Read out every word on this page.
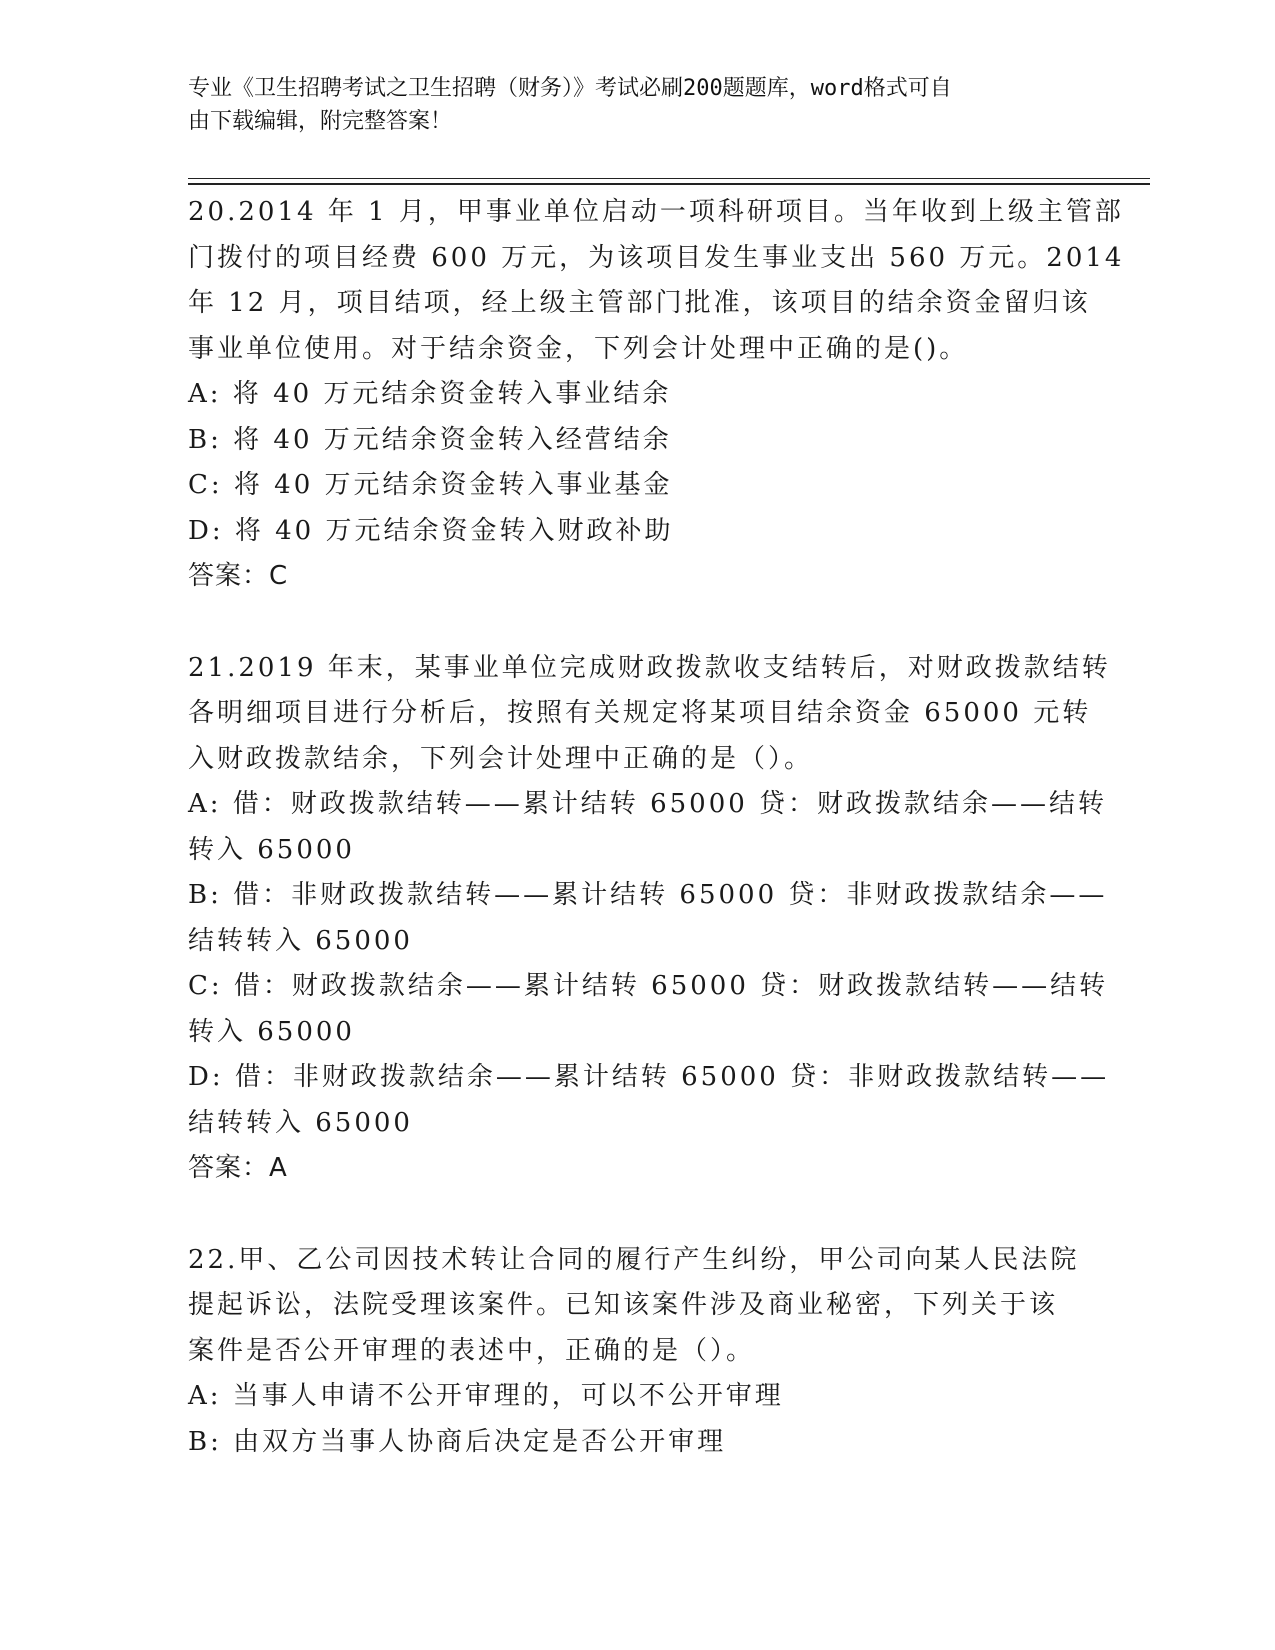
专业《卫生招聘考试之卫生招聘（财务）》考试必刷200题题库，word格式可自
由下载编辑，附完整答案！
20.2014 年 1 月，甲事业单位启动一项科研项目。当年收到上级主管部
门拨付的项目经费 600 万元，为该项目发生事业支出 560 万元。2014
年 12 月，项目结项，经上级主管部门批准，该项目的结余资金留归该
事业单位使用。对于结余资金，下列会计处理中正确的是()。
A: 将 40 万元结余资金转入事业结余
B: 将 40 万元结余资金转入经营结余
C: 将 40 万元结余资金转入事业基金
D: 将 40 万元结余资金转入财政补助
答案：C
21.2019 年末，某事业单位完成财政拨款收支结转后，对财政拨款结转
各明细项目进行分析后，按照有关规定将某项目结余资金 65000 元转
入财政拨款结余，下列会计处理中正确的是（）。
A: 借：财政拨款结转——累计结转 65000 贷：财政拨款结余——结转
转入 65000
B: 借：非财政拨款结转——累计结转 65000 贷：非财政拨款结余——
结转转入 65000
C: 借：财政拨款结余——累计结转 65000 贷：财政拨款结转——结转
转入 65000
D: 借：非财政拨款结余——累计结转 65000 贷：非财政拨款结转——
结转转入 65000
答案：A
22.甲、乙公司因技术转让合同的履行产生纠纷，甲公司向某人民法院
提起诉讼，法院受理该案件。已知该案件涉及商业秘密，下列关于该
案件是否公开审理的表述中，正确的是（）。
A: 当事人申请不公开审理的，可以不公开审理
B: 由双方当事人协商后决定是否公开审理
